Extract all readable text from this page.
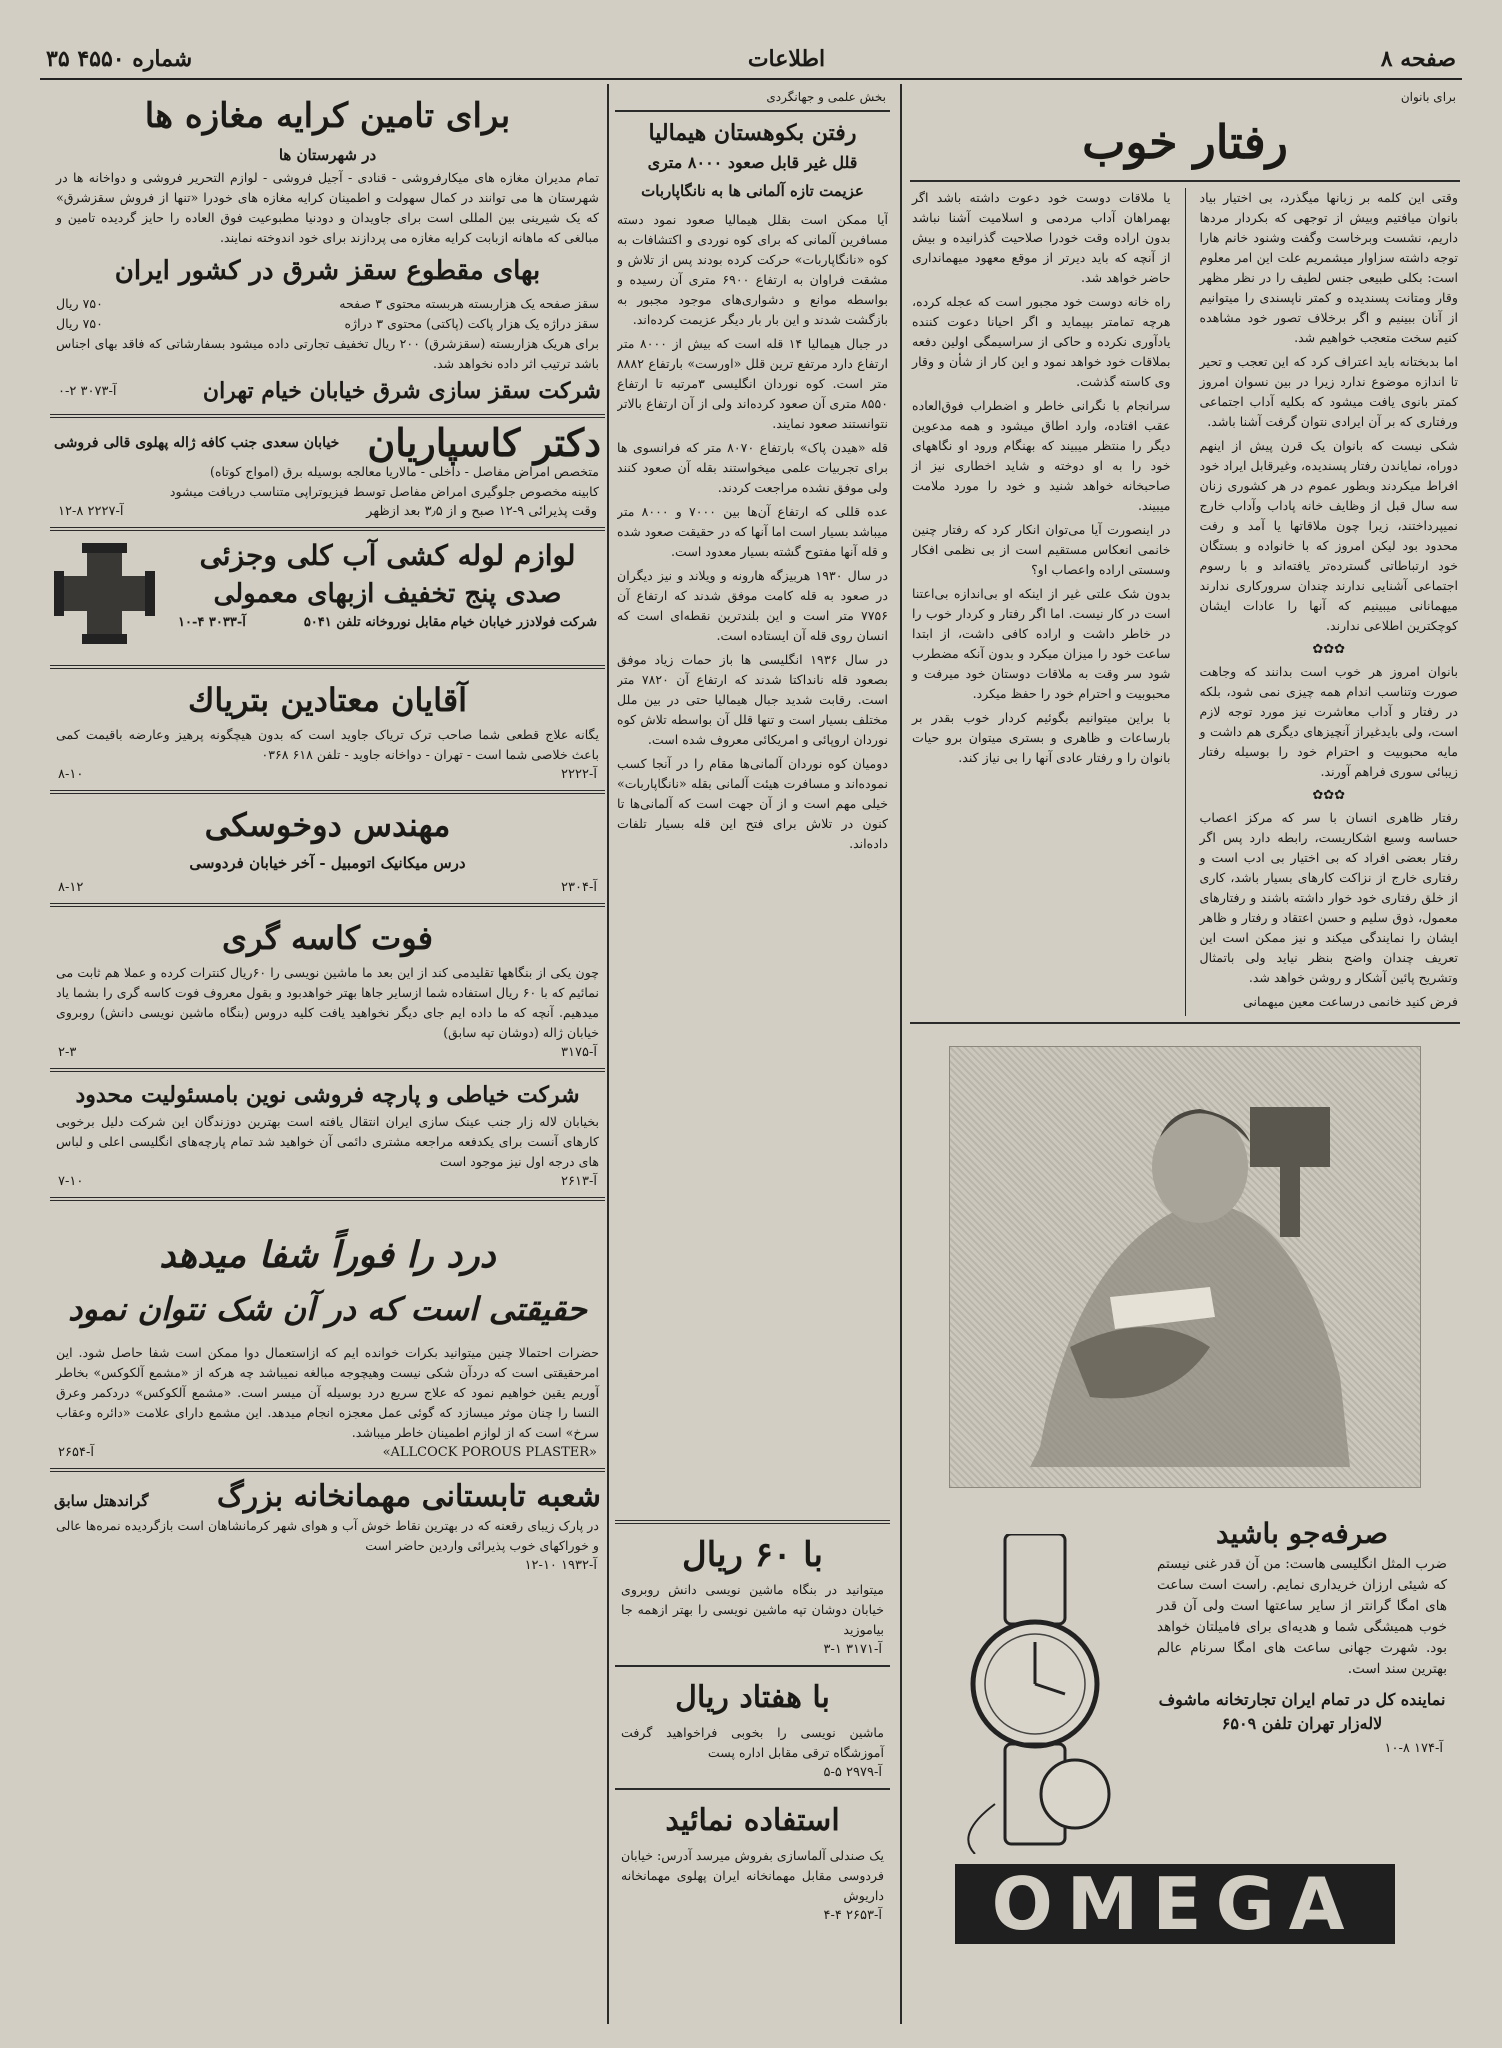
صفحه ۸
اطلاعات
شماره ۴۵۵۰ ۳۵
برای بانوان
رفتار خوب

وقتی این کلمه بر زبانها میگذرد، بی اختیار بیاد بانوان میافتیم وبیش از توجهی که بکردار مردها داریم، نشست وبرخاست وگفت وشنود خانم هارا توجه داشته سزاوار میشمریم علت این امر معلوم است: بکلی طبیعی جنس لطیف را در نظر مظهر وقار ومتانت پسندیده و کمتر ناپسندی را میتوانیم از آنان ببینیم و اگر برخلاف تصور خود مشاهده کنیم سخت متعجب خواهیم شد.

اما بدبختانه باید اعتراف کرد که این تعجب و تحیر تا اندازه موضوع ندارد زیرا در بین نسوان امروز کمتر بانوی یافت میشود که بکلیه آداب اجتماعی ورفتاری که بر آن ایرادی نتوان گرفت آشنا باشد.

شکی نیست که بانوان یک قرن پیش از اینهم دوراه، نمایاندن رفتار پسندیده، وغیرقابل ایراد خود افراط میکردند وبطور عموم در هر کشوری زنان سه سال قبل از وظایف خانه پاداب وآداب خارج نمیپرداختند، زیرا چون ملاقاتها یا آمد و رفت محدود بود لیکن امروز که با خانواده و بستگان خود ارتباطاتی گسترده‌تر یافته‌اند و با رسوم اجتماعی آشنایی ندارند چندان سرورکاری ندارند میهمانانی میبینیم که آنها را عادات ایشان کوچکترین اطلاعی ندارند.

✿✿✿

بانوان امروز هر خوب است بدانند که وجاهت صورت وتناسب اندام همه چیزی نمی شود، بلکه در رفتار و آداب معاشرت نیز مورد توجه لازم است، ولی بایدغیراز آنچیزهای دیگری هم داشت و مایه محبوبیت و احترام خود را بوسیله رفتار زیبائی سوری فراهم آورند.

✿✿✿

رفتار ظاهری انسان با سر که مرکز اعصاب حساسه وسیع اشکاریست، رابطه دارد پس اگر رفتار بعضی افراد که بی اختیار بی ادب است و رفتاری خارج از نزاکت کارهای بسیار باشد، کاری از خلق رفتاری خود خوار داشته باشند و رفتارهای معمول، ذوق سلیم و حسن اعتقاد و رفتار و ظاهر ایشان را نمایندگی میکند و نیز ممکن است این تعریف چندان واضح بنظر نیاید ولی باتمثال وتشریح پائین آشکار و روشن خواهد شد.

فرض کنید خانمی درساعت معین میهمانی

یا ملاقات دوست خود دعوت داشته باشد اگر بهمراهان آداب مردمی و اسلامیت آشنا نباشد بدون اراده وقت خودرا صلاحیت گذرانیده و بیش از آنچه که باید دیرتر از موقع معهود میهمانداری حاضر خواهد شد.

راه خانه دوست خود مجبور است که عجله کرده، هرچه تمامتر بپیماید و اگر احیانا دعوت کننده یادآوری نکرده و حاکی از سراسیمگی اولین دفعه بملاقات خود خواهد نمود و این کار از شأن و وقار وی کاسته گذشت.

سرانجام با نگرانی خاطر و اضطراب فوق‌العاده عقب افتاده، وارد اطاق میشود و همه مدعوین دیگر را منتظر میبیند که بهنگام ورود او نگاههای خود را به او دوخته و شاید اخطاری نیز از صاحبخانه خواهد شنید و خود را مورد ملامت میبیند.

در اینصورت آیا می‌توان انکار کرد که رفتار چنین خانمی انعکاس مستقیم است از بی نظمی افکار وسستی اراده واعصاب او؟

بدون شک علتی غیر از اینکه او بی‌اندازه بی‌اعتنا است در کار نیست. اما اگر رفتار و کردار خوب را در خاطر داشت و اراده کافی داشت، از ابتدا ساعت خود را میزان میکرد و بدون آنکه مضطرب شود سر وقت به ملاقات دوستان خود میرفت و محبوبیت و احترام خود را حفظ میکرد.

با براین میتوانیم بگوئیم کردار خوب بقدر بر بارساعات و ظاهری و بستری میتوان برو حیات بانوان را و رفتار عادی آنها را بی نیاز کند.

صرفه‌جو باشید
ضرب المثل انگلیسی هاست: من آن قدر غنی نیستم که شیئی ارزان خریداری نمایم. راست است ساعت های امگا گرانتر از سایر ساعتها است ولی آن قدر خوب همیشگی شما و هدیه‌ای برای فامیلتان خواهد بود. شهرت جهانی ساعت های امگا سرنام عالم بهترین سند است.
نماینده کل در تمام ایران تجارتخانه ماشوف لاله‌زار تهران تلفن ۶۵۰۹
آ-۱۷۴ ۸-۱۰
OMEGA
بخش علمی و جهانگردی
رفتن بکوهستان هیمالیا
قلل غیر قابل صعود ۸۰۰۰ متری
عزیمت تازه آلمانی ها به نانگاپاربات

آیا ممکن است بقلل هیمالیا صعود نمود دسته مسافرین آلمانی که برای کوه نوردی و اکتشافات به کوه «نانگاپاربات» حرکت کرده بودند پس از تلاش و مشقت فراوان به ارتفاع ۶۹۰۰ متری آن رسیده و بواسطه موانع و دشواری‌های موجود مجبور به بازگشت شدند و این بار بار دیگر عزیمت کرده‌اند.

در جبال هیمالیا ۱۴ قله است که بیش از ۸۰۰۰ متر ارتفاع دارد مرتفع ترین قلل «اورست» بارتفاع ۸۸۸۲ متر است. کوه نوردان انگلیسی ۳مرتبه تا ارتفاع ۸۵۵۰ متری آن صعود کرده‌اند ولی از آن ارتفاع بالاتر نتوانستند صعود نمایند.

قله «هیدن پاک» بارتفاع ۸۰۷۰ متر که فرانسوی ها برای تجربیات علمی میخواستند بقله آن صعود کنند ولی موفق نشده مراجعت کردند.

عده قللی که ارتفاع آن‌ها بین ۷۰۰۰ و ۸۰۰۰ متر میباشد بسیار است اما آنها که در حقیقت صعود شده و قله آنها مفتوح گشته بسیار معدود است.

در سال ۱۹۳۰ هربیزگه هارونه و ویلاند و نیز دیگران در صعود به قله کامت موفق شدند که ارتفاع آن ۷۷۵۶ متر است و این بلندترین نقطه‌ای است که انسان روی قله آن ایستاده است.

در سال ۱۹۳۶ انگلیسی ها باز حمات زیاد موفق بصعود قله نانداکتا شدند که ارتفاع آن ۷۸۲۰ متر است. رقابت شدید جبال هیمالیا حتی در بین ملل مختلف بسیار است و تنها قلل آن بواسطه تلاش کوه نوردان اروپائی و امریکائی معروف شده است.

دومیان کوه نوردان آلمانی‌ها مقام را در آنجا کسب نموده‌اند و مسافرت هیئت آلمانی بقله «نانگاپاربات» خیلی مهم است و از آن جهت است که آلمانی‌ها تا کنون در تلاش برای فتح این قله بسیار تلفات داده‌اند.

با ۶۰ ریال
میتوانید در بنگاه ماشین نویسی دانش روبروی خیابان دوشان تپه ماشین نویسی را بهتر ازهمه جا بیاموزید
آ-۳۱۷۱ ۱-۳
با هفتاد ریال
ماشین نویسی را بخوبی فراخواهید گرفت آموزشگاه ترقی مقابل اداره پست
آ-۲۹۷۹ ۵-۵
استفاده نمائید
یک صندلی آلماسازی بفروش میرسد آدرس: خیابان فردوسی مقابل مهمانخانه ایران پهلوی مهمانخانه داریوش
آ-۲۶۵۳ ۴-۴
برای تامین کرایه مغازه ها
در شهرستان ها
تمام مدیران مغازه های میکارفروشی - قنادی - آجیل فروشی - لوازم التحریر فروشی و دواخانه ها در شهرستان ها می توانند در کمال سهولت و اطمینان کرایه مغازه های خودرا «تنها از فروش سقزشرق» که یک شیرینی بین المللی است برای جاویدان و دودنیا مطبوعیت فوق العاده را حایز گردیده تامین و مبالغی که ماهانه ازبابت کرایه مغازه می پردازند برای خود اندوخته نمایند.
بهای مقطوع سقز شرق در کشور ایران
سقز صفحه یک هزاربسته هربسته محتوی ۳ صفحه
۷۵۰ ریال
سقز دراژه یک هزار پاکت (پاکتی) محتوی ۳ دراژه
۷۵۰ ریال
برای هریک هزاربسته (سقزشرق) ۲۰۰ ریال تخفیف تجارتی داده میشود بسفارشاتی که فاقد بهای اجناس باشد ترتیب اثر داده نخواهد شد.
شرکت سقز سازی شرق خیابان خیام تهران
آ-۳۰۷۳ ۲-۰
دکتر کاسپاریان
خیابان سعدی جنب کافه ژاله پهلوی قالی فروشی
متخصص امراض مفاصل - داخلی - مالاریا معالجه بوسیله برق (امواج کوتاه)
کابینه مخصوص جلوگیری امراض مفاصل توسط فیزیوتراپی متناسب دریافت میشود
وقت پذیرائی ۹-۱۲ صبح و از ۳٫۵ بعد ازظهر
آ-۲۲۲۷ ۸-۱۲
لوازم لوله کشی آب کلی وجزئی
صدی پنج تخفیف ازبهای معمولی
شرکت فولادزر خیابان خیام مقابل نوروخانه تلفن ۵۰۴۱
آ-۳۰۳۳ ۴-۱۰
آقایان معتادین بتریاك
یگانه علاج قطعی شما صاحب ترک تریاک جاوید است که بدون هیچگونه پرهیز وعارضه باقیمت کمی باعث خلاصی شما است - تهران - دواخانه جاوید - تلفن ۶۱۸ ۰۳۶۸
آ-۲۲۲۲
۸-۱۰
مهندس دوخوسکی
درس میکانیک اتومبیل - آخر خیابان فردوسی
آ-۲۳۰۴
۸-۱۲
فوت کاسه گری
چون یکی از بنگاهها تقلیدمی کند از این بعد ما ماشین نویسی را ۶۰ریال کنترات کرده و عملا هم ثابت می نمائیم که با ۶۰ ریال استفاده شما ازسایر جاها بهتر خواهدبود و بقول معروف فوت کاسه گری را بشما یاد میدهیم. آنچه که ما داده ایم جای دیگر نخواهید یافت کلیه دروس (بنگاه ماشین نویسی دانش) روبروی خیابان ژاله (دوشان تپه سابق)
آ-۳۱۷۵
۲-۳
شرکت خیاطی و پارچه فروشی نوین بامسئولیت محدود
بخیابان لاله زار جنب عینک سازی ایران انتقال یافته است بهترین دوزندگان این شرکت دلیل برخوبی کارهای آنست برای یکدفعه مراجعه مشتری دائمی آن خواهید شد تمام پارچه‌های انگلیسی اعلی و لباس های درجه اول نیز موجود است
آ-۲۶۱۳
۷-۱۰
درد را فوراً شفا میدهد
حقیقتی است که در آن شک نتوان نمود
حضرات احتمالا چنین میتوانید بکرات خوانده ایم که ازاستعمال دوا ممکن است شفا حاصل شود. این امرحقیقتی است که دردآن شکی نیست وهیچوجه مبالغه نمیباشد چه هرکه از «مشمع آلکوکس» بخاطر آوریم یقین خواهیم نمود که علاج سریع درد بوسیله آن میسر است. «مشمع آلکوکس» دردکمر وعرق النسا را چنان موثر میسازد که گوئی عمل معجزه انجام میدهد. این مشمع دارای علامت «دائره وعقاب سرخ» است که از لوازم اطمینان خاطر میباشد.
«ALLCOCK POROUS PLASTER»
آ-۲۶۵۴
شعبه تابستانی مهمانخانه بزرگ
گراندهتل سابق
در پارک زیبای رقعنه که در بهترین نقاط خوش آب و هوای شهر کرمانشاهان است بازگردیده نمره‌ها عالی و خوراکهای خوب پذیرائی واردین حاضر است
آ-۱۹۳۲ ۱۰-۱۲
